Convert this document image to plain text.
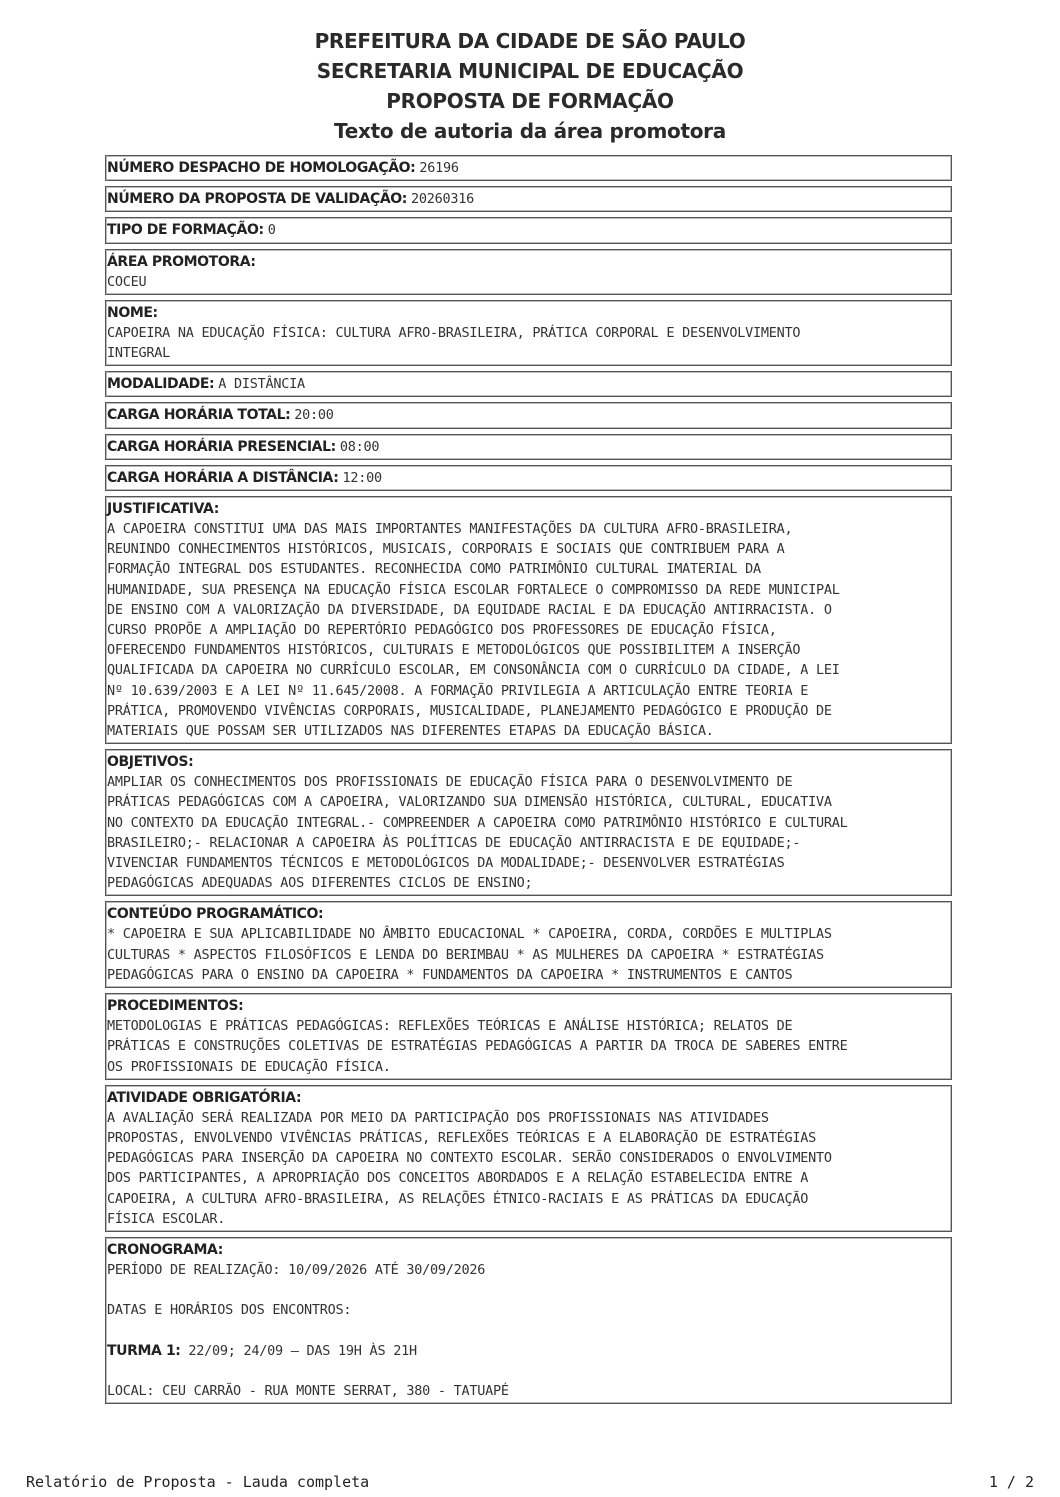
PREFEITURA DA CIDADE DE SÃO PAULO
SECRETARIA MUNICIPAL DE EDUCAÇÃO
PROPOSTA DE FORMAÇÃO
Texto de autoria da área promotora
NÚMERO DESPACHO DE HOMOLOGAÇÃO: 26196
NÚMERO DA PROPOSTA DE VALIDAÇÃO: 20260316
TIPO DE FORMAÇÃO: 0
ÁREA PROMOTORA:
COCEU
NOME:
CAPOEIRA NA EDUCAÇÃO FÍSICA: CULTURA AFRO-BRASILEIRA, PRÁTICA CORPORAL E DESENVOLVIMENTO
INTEGRAL
MODALIDADE: A DISTÂNCIA
CARGA HORÁRIA TOTAL: 20:00
CARGA HORÁRIA PRESENCIAL: 08:00
CARGA HORÁRIA A DISTÂNCIA: 12:00
JUSTIFICATIVA:
A CAPOEIRA CONSTITUI UMA DAS MAIS IMPORTANTES MANIFESTAÇÕES DA CULTURA AFRO-BRASILEIRA,
REUNINDO CONHECIMENTOS HISTÓRICOS, MUSICAIS, CORPORAIS E SOCIAIS QUE CONTRIBUEM PARA A
FORMAÇÃO INTEGRAL DOS ESTUDANTES. RECONHECIDA COMO PATRIMÔNIO CULTURAL IMATERIAL DA
HUMANIDADE, SUA PRESENÇA NA EDUCAÇÃO FÍSICA ESCOLAR FORTALECE O COMPROMISSO DA REDE MUNICIPAL
DE ENSINO COM A VALORIZAÇÃO DA DIVERSIDADE, DA EQUIDADE RACIAL E DA EDUCAÇÃO ANTIRRACISTA. O
CURSO PROPÕE A AMPLIAÇÃO DO REPERTÓRIO PEDAGÓGICO DOS PROFESSORES DE EDUCAÇÃO FÍSICA,
OFERECENDO FUNDAMENTOS HISTÓRICOS, CULTURAIS E METODOLÓGICOS QUE POSSIBILITEM A INSERÇÃO
QUALIFICADA DA CAPOEIRA NO CURRÍCULO ESCOLAR, EM CONSONÂNCIA COM O CURRÍCULO DA CIDADE, A LEI
Nº 10.639/2003 E A LEI Nº 11.645/2008. A FORMAÇÃO PRIVILEGIA A ARTICULAÇÃO ENTRE TEORIA E
PRÁTICA, PROMOVENDO VIVÊNCIAS CORPORAIS, MUSICALIDADE, PLANEJAMENTO PEDAGÓGICO E PRODUÇÃO DE
MATERIAIS QUE POSSAM SER UTILIZADOS NAS DIFERENTES ETAPAS DA EDUCAÇÃO BÁSICA.
OBJETIVOS:
AMPLIAR OS CONHECIMENTOS DOS PROFISSIONAIS DE EDUCAÇÃO FÍSICA PARA O DESENVOLVIMENTO DE
PRÁTICAS PEDAGÓGICAS COM A CAPOEIRA, VALORIZANDO SUA DIMENSÃO HISTÓRICA, CULTURAL, EDUCATIVA
NO CONTEXTO DA EDUCAÇÃO INTEGRAL.- COMPREENDER A CAPOEIRA COMO PATRIMÔNIO HISTÓRICO E CULTURAL
BRASILEIRO;- RELACIONAR A CAPOEIRA ÀS POLÍTICAS DE EDUCAÇÃO ANTIRRACISTA E DE EQUIDADE;-
VIVENCIAR FUNDAMENTOS TÉCNICOS E METODOLÓGICOS DA MODALIDADE;- DESENVOLVER ESTRATÉGIAS
PEDAGÓGICAS ADEQUADAS AOS DIFERENTES CICLOS DE ENSINO;
CONTEÚDO PROGRAMÁTICO:
* CAPOEIRA E SUA APLICABILIDADE NO ÂMBITO EDUCACIONAL * CAPOEIRA, CORDA, CORDÕES E MULTIPLAS
CULTURAS * ASPECTOS FILOSÓFICOS E LENDA DO BERIMBAU * AS MULHERES DA CAPOEIRA * ESTRATÉGIAS
PEDAGÓGICAS PARA O ENSINO DA CAPOEIRA * FUNDAMENTOS DA CAPOEIRA * INSTRUMENTOS E CANTOS
PROCEDIMENTOS:
METODOLOGIAS E PRÁTICAS PEDAGÓGICAS: REFLEXÕES TEÓRICAS E ANÁLISE HISTÓRICA; RELATOS DE
PRÁTICAS E CONSTRUÇÕES COLETIVAS DE ESTRATÉGIAS PEDAGÓGICAS A PARTIR DA TROCA DE SABERES ENTRE
OS PROFISSIONAIS DE EDUCAÇÃO FÍSICA.
ATIVIDADE OBRIGATÓRIA:
A AVALIAÇÃO SERÁ REALIZADA POR MEIO DA PARTICIPAÇÃO DOS PROFISSIONAIS NAS ATIVIDADES
PROPOSTAS, ENVOLVENDO VIVÊNCIAS PRÁTICAS, REFLEXÕES TEÓRICAS E A ELABORAÇÃO DE ESTRATÉGIAS
PEDAGÓGICAS PARA INSERÇÃO DA CAPOEIRA NO CONTEXTO ESCOLAR. SERÃO CONSIDERADOS O ENVOLVIMENTO
DOS PARTICIPANTES, A APROPRIAÇÃO DOS CONCEITOS ABORDADOS E A RELAÇÃO ESTABELECIDA ENTRE A
CAPOEIRA, A CULTURA AFRO-BRASILEIRA, AS RELAÇÕES ÉTNICO-RACIAIS E AS PRÁTICAS DA EDUCAÇÃO
FÍSICA ESCOLAR.
CRONOGRAMA:
PERÍODO DE REALIZAÇÃO: 10/09/2026 ATÉ 30/09/2026

DATAS E HORÁRIOS DOS ENCONTROS:

TURMA 1: 22/09; 24/09 — DAS 19H ÀS 21H

LOCAL: CEU CARRÃO - RUA MONTE SERRAT, 380 - TATUAPÉ
Relatório de Proposta - Lauda completa	1 / 2
